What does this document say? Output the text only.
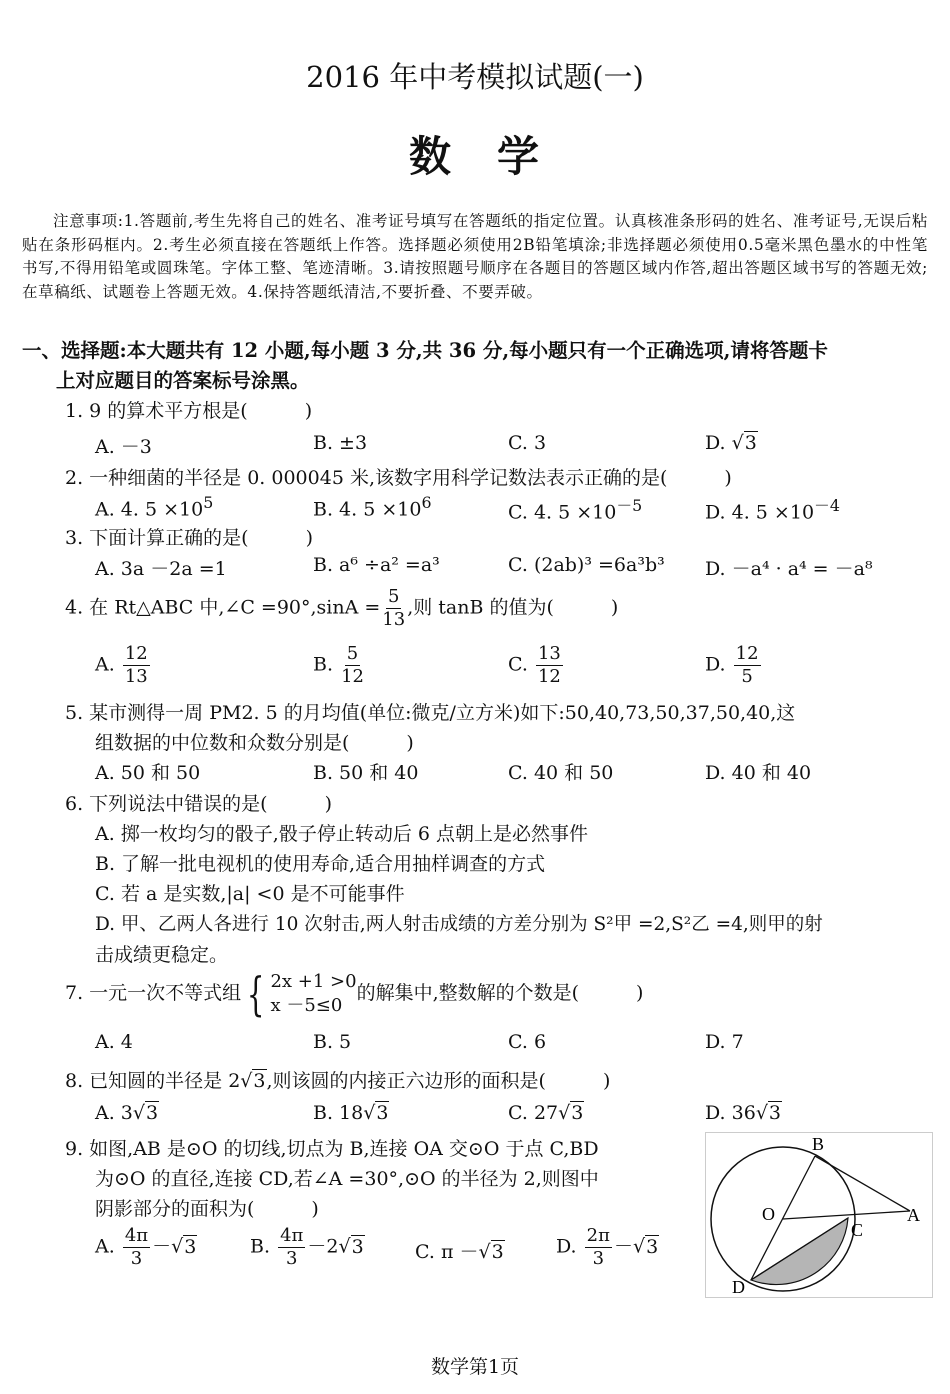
2016 年中考模拟试题(一)
数　学
注意事项:1.答题前,考生先将自己的姓名、准考证号填写在答题纸的指定位置。认真核准条形码的姓名、准考证号,无误后粘贴在条形码框内。2.考生必须直接在答题纸上作答。选择题必须使用2B铅笔填涂;非选择题必须使用0.5毫米黑色墨水的中性笔书写,不得用铅笔或圆珠笔。字体工整、笔迹清晰。3.请按照题号顺序在各题目的答题区域内作答,超出答题区域书写的答题无效;在草稿纸、试题卷上答题无效。4.保持答题纸清洁,不要折叠、不要弄破。
一、选择题:本大题共有 12 小题,每小题 3 分,共 36 分,每小题只有一个正确选项,请将答题卡
上对应题目的答案标号涂黑。
1. 9 的算术平方根是(　　　)
A. －3	B. ±3	C. 3	D. √3
2. 一种细菌的半径是 0. 000045 米,该数字用科学记数法表示正确的是(　　　)
A. 4. $5 \times 10^5$	B. 4. $5 \times 10^6$	C. 4. $5 \times 10^{-5}$	D. 4. $5 \times 10^{-4}$
3. 下面计算正确的是(　　　)
A. 3a －2a =1	B. a⁶ ÷a² =a³	C. (2ab)³ =6a³b³ D. －a⁴ · a⁴ = －a⁸
4. 在 Rt△ABC 中,∠C $=90^\circ,\sin A = \frac{5}{13}$ ,则 tanB 的值为(　　　)
A. $\frac{12}{13}$	B. $\frac{5}{12}$	C. $\frac{13}{12}$	D. $\frac{12}{5}$
5. 某市测得一周 PM2. 5 的月均值(单位:微克/立方米)如下:50,40,73,50,37,50,40,这
组数据的中位数和众数分别是(　　　)
A. 50 和 50	B. 50 和 40	C. 40 和 50	D. 40 和 40
6. 下列说法中错误的是(　　　)
A. 掷一枚均匀的骰子,骰子停止转动后 6 点朝上是必然事件
B. 了解一批电视机的使用寿命,适合用抽样调查的方式
C. 若 a 是实数,|a| <0 是不可能事件
D. 甲、乙两人各进行 10 次射击,两人射击成绩的方差分别为 S²甲 =2,S²乙 =4,则甲的射
击成绩更稳定。
7. 一元一次不等式组 { 2x +1 >0
x －5≤0
的解集中,整数解的个数是(　　　)
A. 4	B. 5	C. 6	D. 7
8. 已知圆的半径是 2√3,则该圆的内接正六边形的面积是(　　　)
A. 3√3	B. 18√3	C. 27√3	D. 36√3
9. 如图,AB 是⊙O 的切线,切点为 B,连接 OA 交⊙O 于点 C,BD
为⊙O 的直径,连接 CD,若∠A =30°,⊙O 的半径为 2,则图中
阴影部分的面积为(　　　)
A. $\frac{4\pi}{3} -√3$	B. $\frac{4\pi}{3} -2√3$	C. π －√3	D. $\frac{2\pi}{3} -√3$
B
O	A
C
D
数学第1页
